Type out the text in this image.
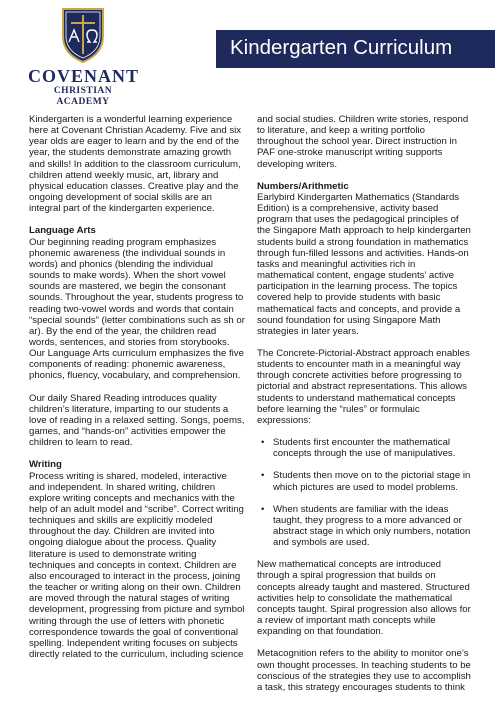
COVENANT
CHRISTIAN ACADEMY
Kindergarten Curriculum

Kindergarten is a wonderful learning experience here at Covenant Christian Academy. Five and six year olds are eager to learn and by the end of the year, the students demonstrate amazing growth and skills! In addition to the classroom curriculum, children attend weekly music, art, library and physical education classes. Creative play and the ongoing development of social skills are an integral part of the kindergarten experience.

Language Arts

Our beginning reading program emphasizes phonemic awareness (the individual sounds in words) and phonics (blending the individual sounds to make words). When the short vowel sounds are mastered, we begin the consonant sounds. Throughout the year, students progress to reading two-vowel words and words that contain “special sounds” (letter combinations such as sh or ar). By the end of the year, the children read words, sentences, and stories from storybooks. Our Language Arts curriculum emphasizes the five components of reading: phonemic awareness, phonics, fluency, vocabulary, and comprehension.

Our daily Shared Reading introduces quality children’s literature, imparting to our students a love of reading in a relaxed setting. Songs, poems, games, and “hands-on” activities empower the children to learn to read.

Writing

Process writing is shared, modeled, interactive and independent. In shared writing, children explore writing concepts and mechanics with the help of an adult model and “scribe”. Correct writing techniques and skills are explicitly modeled throughout the day. Children are invited into ongoing dialogue about the process. Quality literature is used to demonstrate writing techniques and concepts in context. Children are also encouraged to interact in the process, joining the teacher or writing along on their own. Children are moved through the natural stages of writing development, progressing from picture and symbol writing through the use of letters with phonetic correspondence towards the goal of conventional spelling. Independent writing focuses on subjects directly related to the curriculum, including science

and social studies. Children write stories, respond to literature, and keep a writing portfolio throughout the school year. Direct instruction in PAF one-stroke manuscript writing supports developing writers.

Numbers/Arithmetic

Earlybird Kindergarten Mathematics (Standards Edition) is a comprehensive, activity based program that uses the pedagogical principles of the Singapore Math approach to help kindergarten students build a strong foundation in mathematics through fun-filled lessons and activities. Hands-on tasks and meaningful activities rich in mathematical content, engage students’ active participation in the learning process. The topics covered help to provide students with basic mathematical facts and concepts, and provide a sound foundation for using Singapore Math strategies in later years.

The Concrete-Pictorial-Abstract approach enables students to encounter math in a meaningful way through concrete activities before progressing to pictorial and abstract representations. This allows students to understand mathematical concepts before learning the “rules” or formulaic expressions:

• Students first encounter the mathematical concepts through the use of manipulatives.
• Students then move on to the pictorial stage in which pictures are used to model problems.
• When students are familiar with the ideas taught, they progress to a more advanced or abstract stage in which only numbers, notation and symbols are used.

New mathematical concepts are introduced through a spiral progression that builds on concepts already taught and mastered. Structured activities help to consolidate the mathematical concepts taught. Spiral progression also allows for a review of important math concepts while expanding on that foundation.

Metacognition refers to the ability to monitor one’s own thought processes. In teaching students to be conscious of the strategies they use to accomplish a task, this strategy encourages students to think
